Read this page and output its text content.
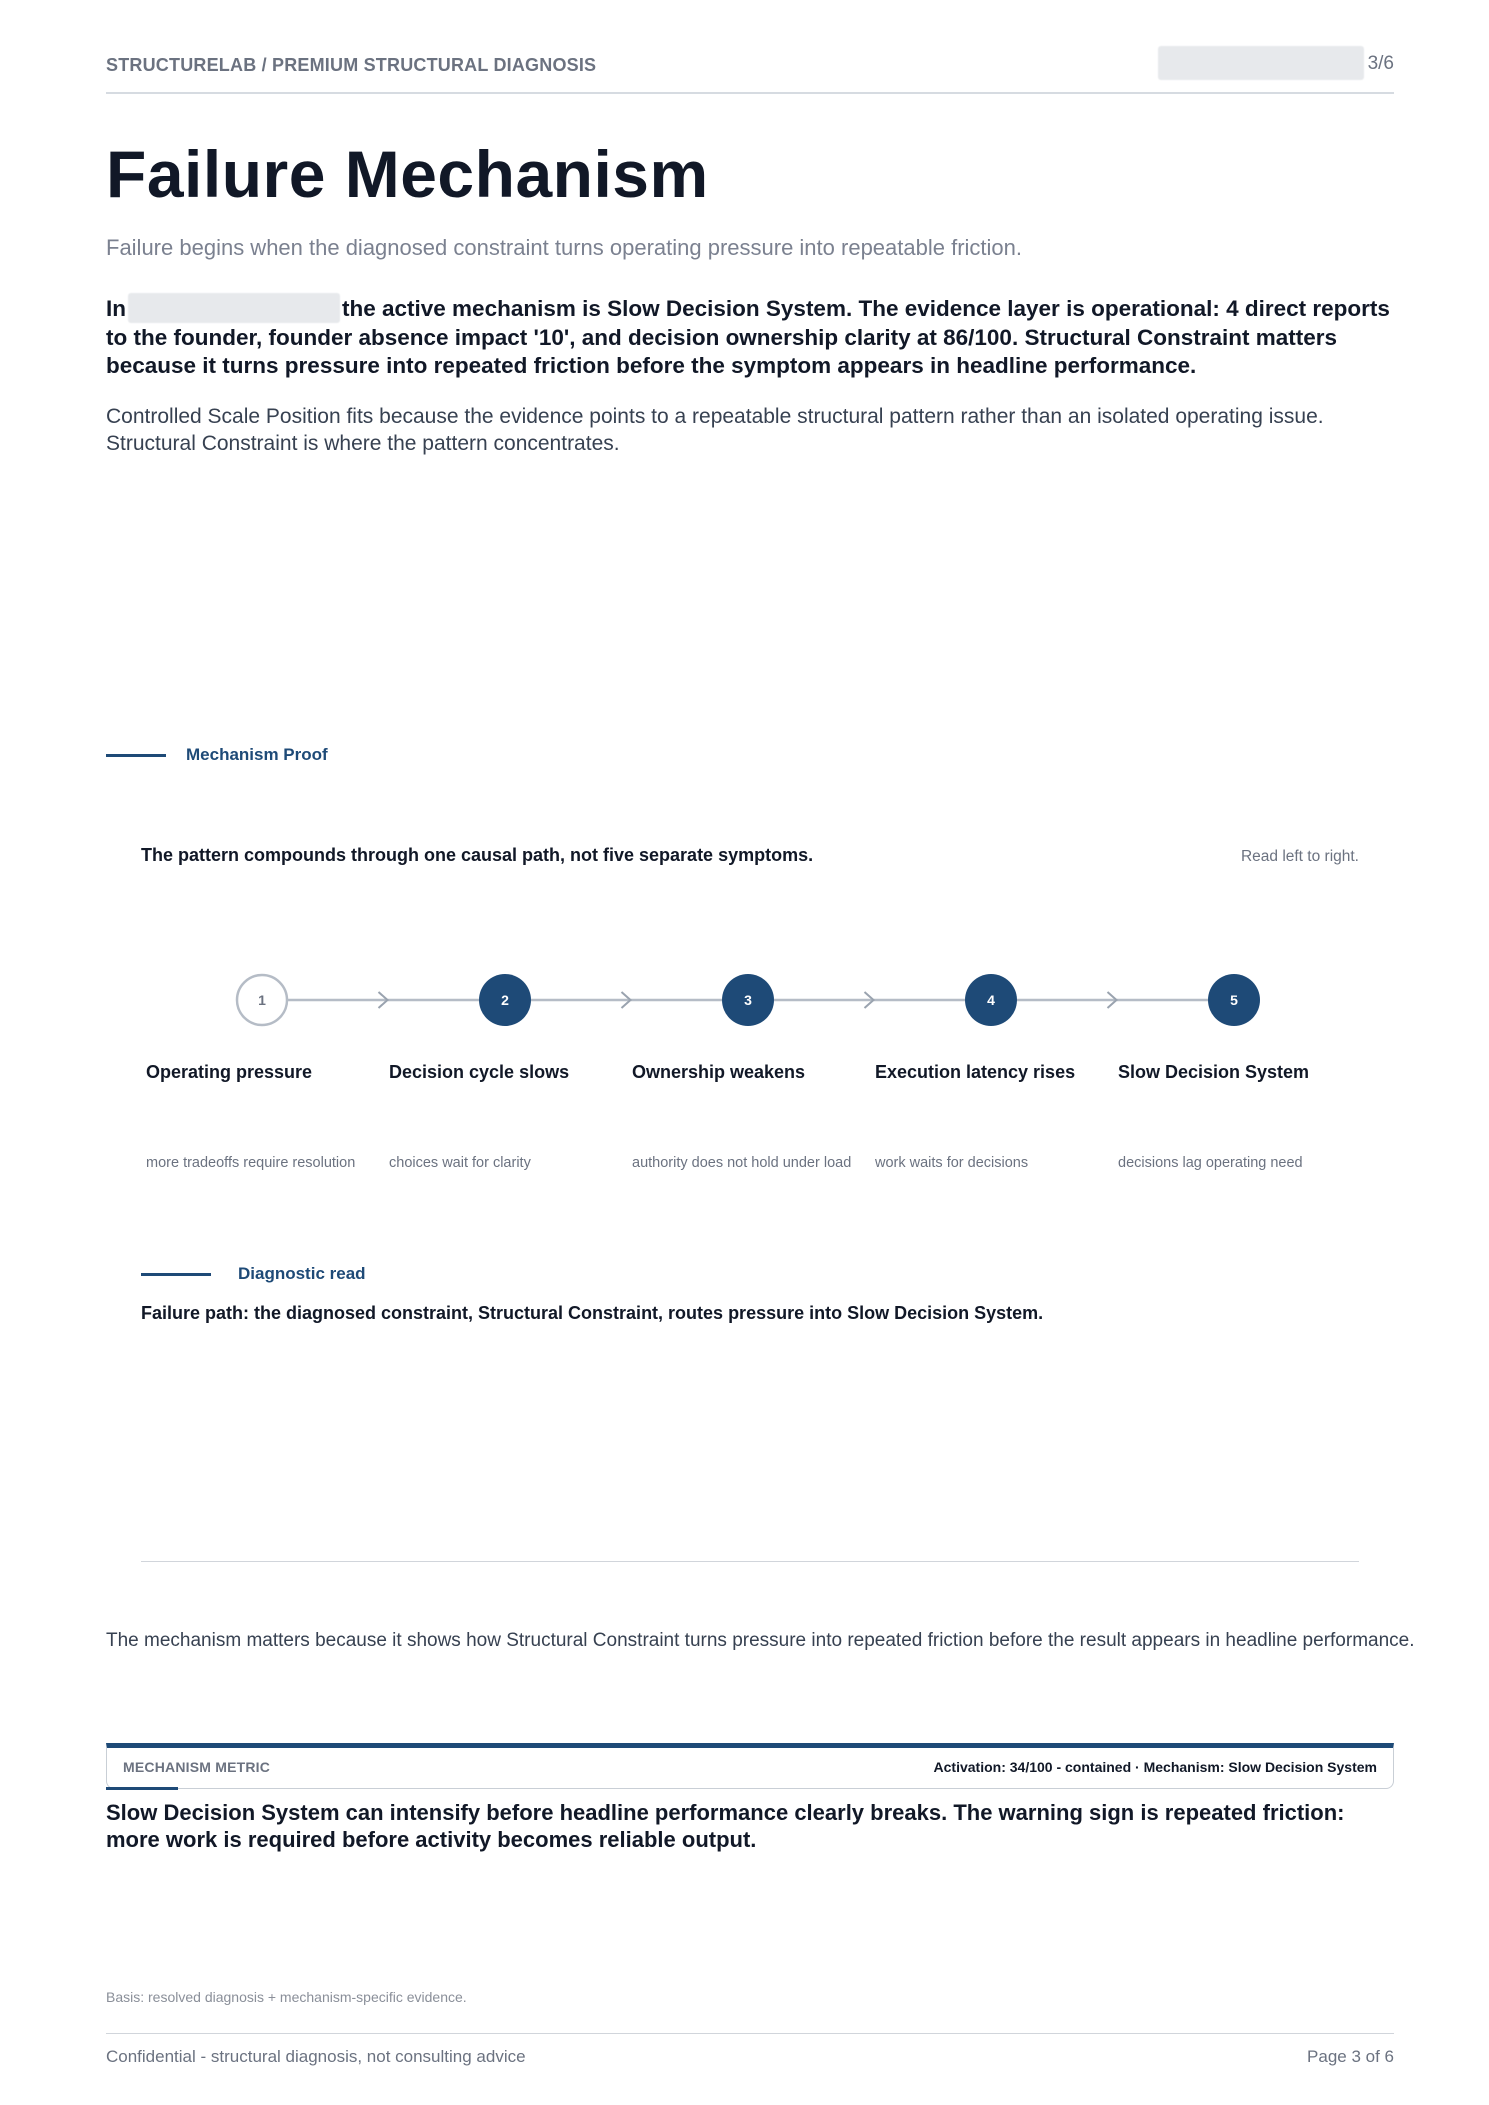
STRUCTURELAB / PREMIUM STRUCTURAL DIAGNOSIS	3/6
Failure Mechanism
Failure begins when the diagnosed constraint turns operating pressure into repeatable friction.

In	the active mechanism is Slow Decision System. The evidence layer is operational: 4 direct reports to the founder, founder absence impact '10', and decision ownership clarity at 86/100. Structural Constraint matters because it turns pressure into repeated friction before the symptom appears in headline performance.

Controlled Scale Position fits because the evidence points to a repeatable structural pattern rather than an isolated operating issue. Structural Constraint is where the pattern concentrates.

Mechanism Proof
The pattern compounds through one causal path, not five separate symptoms.	Read left to right.
1	2	3	4	5
Operating pressure
more tradeoffs require resolution
Decision cycle slows
choices wait for clarity
Ownership weakens
authority does not hold under load
Execution latency rises
work waits for decisions
Slow Decision System
decisions lag operating need
Diagnostic read
Failure path: the diagnosed constraint, Structural Constraint, routes pressure into Slow Decision System.

The mechanism matters because it shows how Structural Constraint turns pressure into repeated friction before the result appears in headline performance.

MECHANISM METRIC	Activation: 34/100 - contained · Mechanism: Slow Decision System

Slow Decision System can intensify before headline performance clearly breaks. The warning sign is repeated friction: more work is required before activity becomes reliable output.

Basis: resolved diagnosis + mechanism-specific evidence.
Confidential - structural diagnosis, not consulting advice	Page 3 of 6
